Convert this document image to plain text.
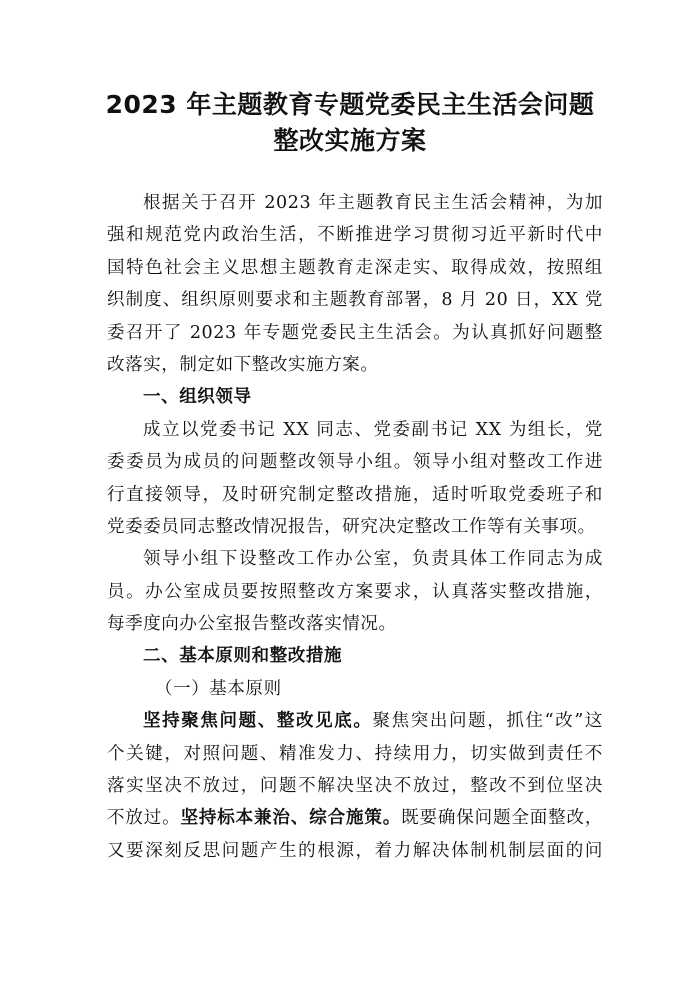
2023 年主题教育专题党委民主生活会问题
整改实施方案
根据关于召开 2023 年主题教育民主生活会精神，为加
强和规范党内政治生活，不断推进学习贯彻习近平新时代中
国特色社会主义思想主题教育走深走实、取得成效，按照组
织制度、组织原则要求和主题教育部署，8 月 20 日，XX 党
委召开了 2023 年专题党委民主生活会。为认真抓好问题整
改落实，制定如下整改实施方案。
一、组织领导
成立以党委书记 XX 同志、党委副书记 XX 为组长，党
委委员为成员的问题整改领导小组。领导小组对整改工作进
行直接领导，及时研究制定整改措施，适时听取党委班子和
党委委员同志整改情况报告，研究决定整改工作等有关事项。
领导小组下设整改工作办公室，负责具体工作同志为成
员。办公室成员要按照整改方案要求，认真落实整改措施，
每季度向办公室报告整改落实情况。
二、基本原则和整改措施
（一）基本原则
坚持聚焦问题、整改见底。聚焦突出问题，抓住“改”这
个关键，对照问题、精准发力、持续用力，切实做到责任不
落实坚决不放过，问题不解决坚决不放过，整改不到位坚决
不放过。坚持标本兼治、综合施策。既要确保问题全面整改，
又要深刻反思问题产生的根源，着力解决体制机制层面的问
